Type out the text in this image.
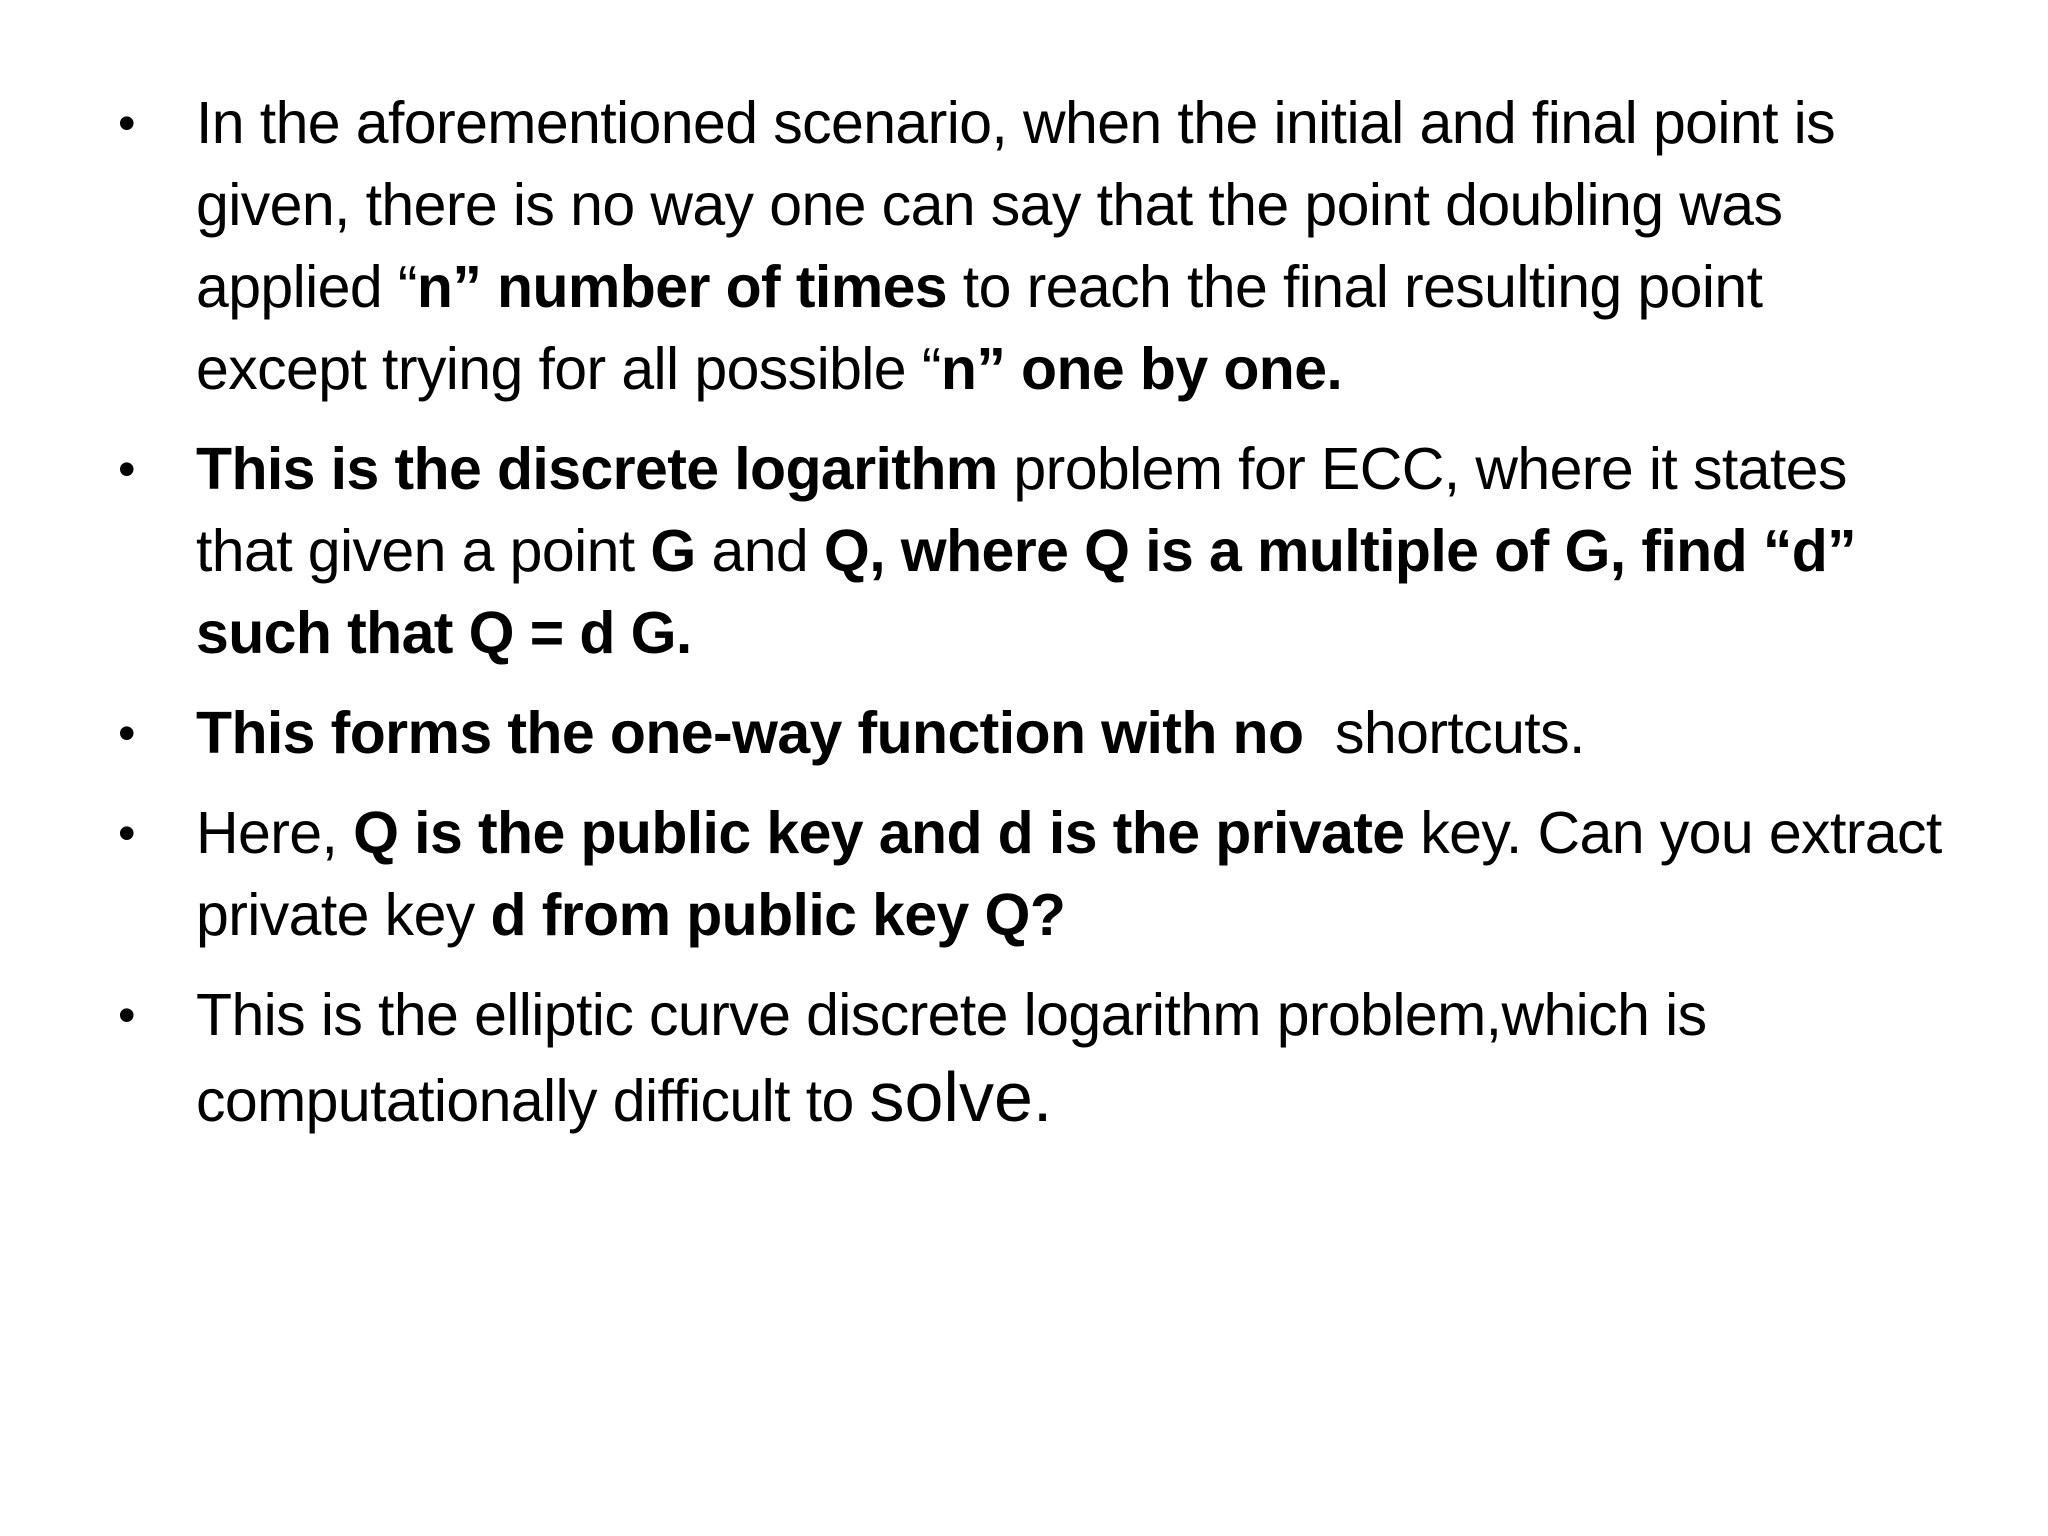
• In the aforementioned scenario, when the initial and final point is given, there is no way one can say that the point doubling was applied “n” number of times to reach the final resulting point except trying for all possible “n” one by one.
• This is the discrete logarithm problem for ECC, where it states that given a point G and Q, where Q is a multiple of G, find “d” such that Q = d G.
• This forms the one-way function with no  shortcuts.
• Here, Q is the public key and d is the private key. Can you extract private key d from public key Q?
• This is the elliptic curve discrete logarithm problem,which is computationally difficult to solve.
